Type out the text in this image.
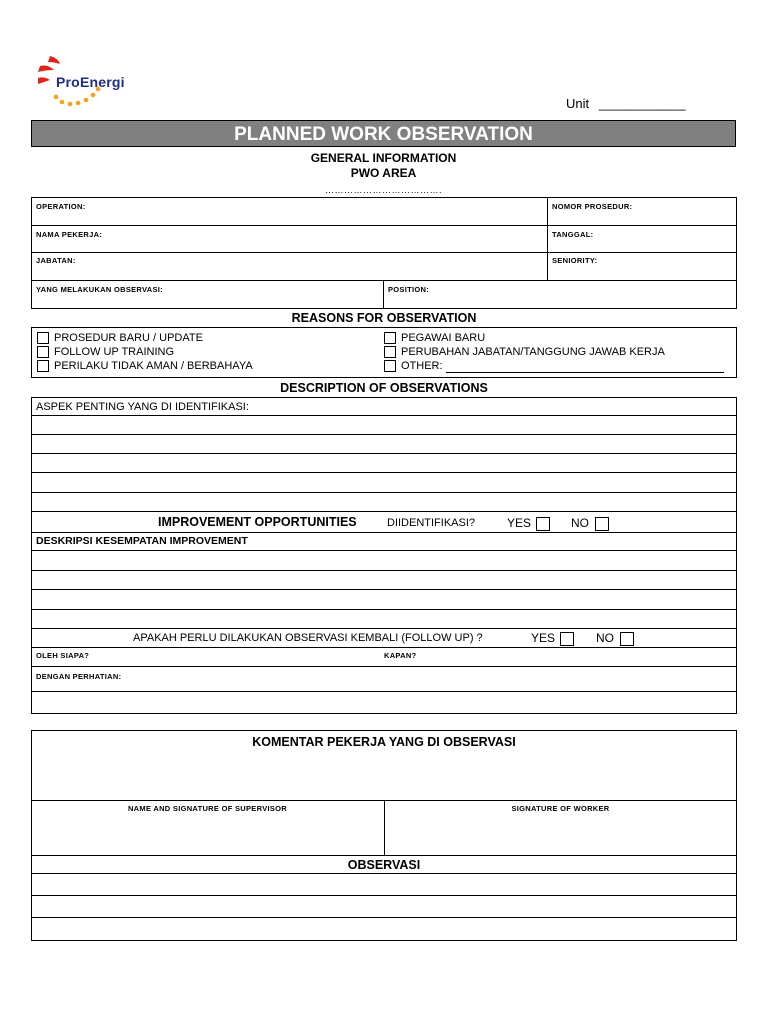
ProEnergi
Unit ____________
PLANNED WORK OBSERVATION
GENERAL INFORMATION
PWO AREA
……………………………….
OPERATION:	NOMOR PROSEDUR:
NAMA PEKERJA:	TANGGAL:
JABATAN:	SENIORITY:
YANG MELAKUKAN OBSERVASI:	POSITION:
REASONS FOR OBSERVATION
PROSEDUR BARU / UPDATE
FOLLOW UP TRAINING
PERILAKU TIDAK AMAN / BERBAHAYA
PEGAWAI BARU
PERUBAHAN JABATAN/TANGGUNG JAWAB KERJA
OTHER:
DESCRIPTION OF OBSERVATIONS
ASPEK PENTING YANG DI IDENTIFIKASI:
IMPROVEMENT OPPORTUNITIES	DIIDENTIFIKASI?	YES	NO
DESKRIPSI KESEMPATAN IMPROVEMENT
APAKAH PERLU DILAKUKAN OBSERVASI KEMBALI (FOLLOW UP) ?	YES	NO
OLEH SIAPA?	KAPAN?
DENGAN PERHATIAN:
KOMENTAR PEKERJA YANG DI OBSERVASI
NAME AND SIGNATURE OF SUPERVISOR	SIGNATURE OF WORKER
OBSERVASI
